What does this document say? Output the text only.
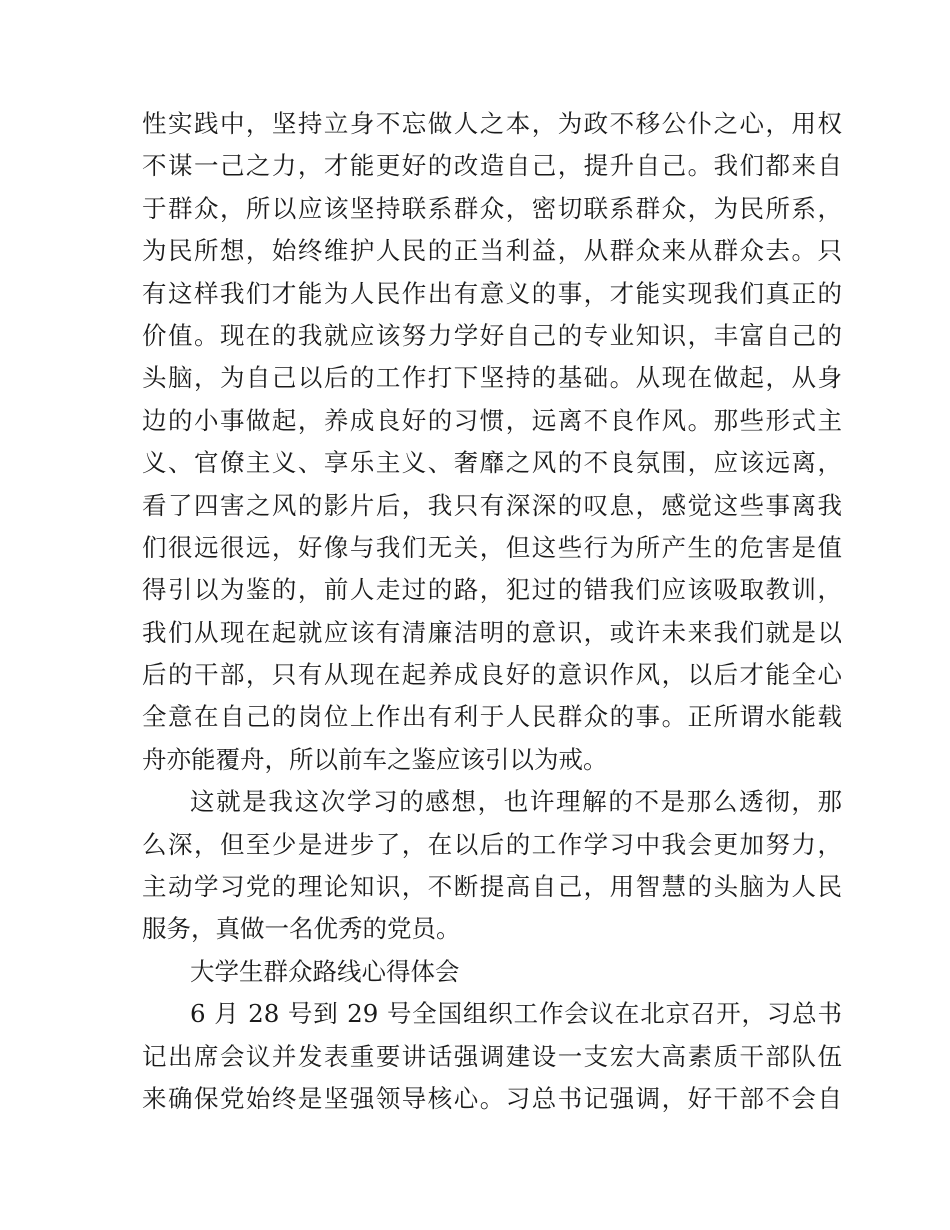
性实践中，坚持立身不忘做人之本，为政不移公仆之心，用权
不谋一己之力，才能更好的改造自己，提升自己。我们都来自
于群众，所以应该坚持联系群众，密切联系群众，为民所系，
为民所想，始终维护人民的正当利益，从群众来从群众去。只
有这样我们才能为人民作出有意义的事，才能实现我们真正的
价值。现在的我就应该努力学好自己的专业知识，丰富自己的
头脑，为自己以后的工作打下坚持的基础。从现在做起，从身
边的小事做起，养成良好的习惯，远离不良作风。那些形式主
义、官僚主义、享乐主义、奢靡之风的不良氛围，应该远离，
看了四害之风的影片后，我只有深深的叹息，感觉这些事离我
们很远很远，好像与我们无关，但这些行为所产生的危害是值
得引以为鉴的，前人走过的路，犯过的错我们应该吸取教训，
我们从现在起就应该有清廉洁明的意识，或许未来我们就是以
后的干部，只有从现在起养成良好的意识作风，以后才能全心
全意在自己的岗位上作出有利于人民群众的事。正所谓水能载
舟亦能覆舟，所以前车之鉴应该引以为戒。
这就是我这次学习的感想，也许理解的不是那么透彻，那
么深，但至少是进步了，在以后的工作学习中我会更加努力，
主动学习党的理论知识，不断提高自己，用智慧的头脑为人民
服务，真做一名优秀的党员。
大学生群众路线心得体会
6 月 28 号到 29 号全国组织工作会议在北京召开，习总书
记出席会议并发表重要讲话强调建设一支宏大高素质干部队伍
来确保党始终是坚强领导核心。习总书记强调，好干部不会自
